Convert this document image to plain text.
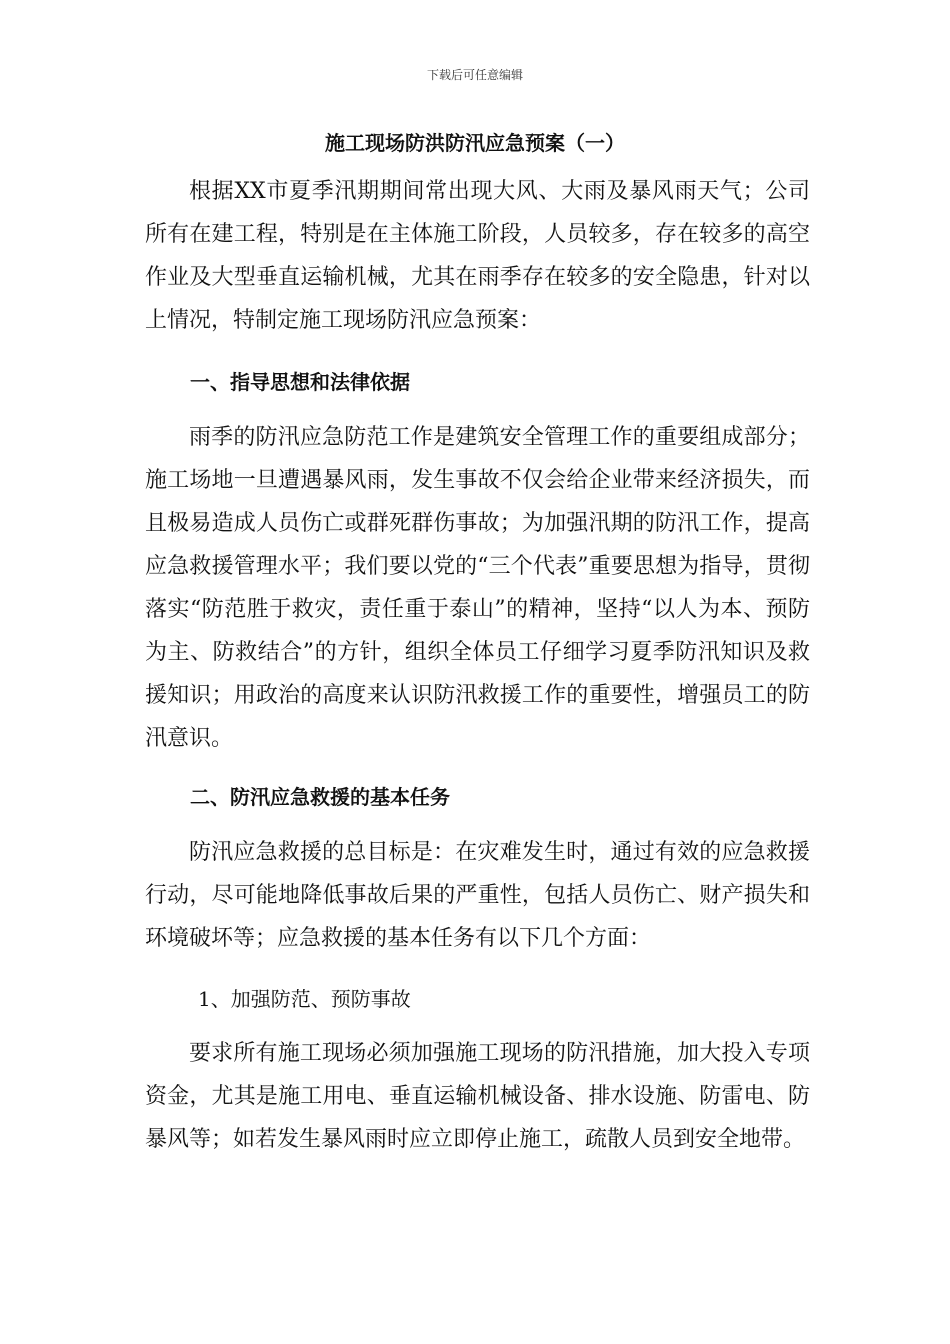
下载后可任意编辑
施工现场防洪防汛应急预案（一）
根据XX市夏季汛期期间常出现大风、大雨及暴风雨天气；公司所有在建工程，特别是在主体施工阶段，人员较多，存在较多的高空作业及大型垂直运输机械，尤其在雨季存在较多的安全隐患，针对以上情况，特制定施工现场防汛应急预案：
一、指导思想和法律依据
雨季的防汛应急防范工作是建筑安全管理工作的重要组成部分；施工场地一旦遭遇暴风雨，发生事故不仅会给企业带来经济损失，而且极易造成人员伤亡或群死群伤事故；为加强汛期的防汛工作，提高应急救援管理水平；我们要以党的“三个代表”重要思想为指导，贯彻落实“防范胜于救灾，责任重于泰山”的精神，坚持“以人为本、预防为主、防救结合”的方针，组织全体员工仔细学习夏季防汛知识及救援知识；用政治的高度来认识防汛救援工作的重要性，增强员工的防汛意识。
二、防汛应急救援的基本任务
防汛应急救援的总目标是：在灾难发生时，通过有效的应急救援行动，尽可能地降低事故后果的严重性，包括人员伤亡、财产损失和环境破坏等；应急救援的基本任务有以下几个方面：
1、加强防范、预防事故
要求所有施工现场必须加强施工现场的防汛措施，加大投入专项资金，尤其是施工用电、垂直运输机械设备、排水设施、防雷电、防暴风等；如若发生暴风雨时应立即停止施工，疏散人员到安全地带。
